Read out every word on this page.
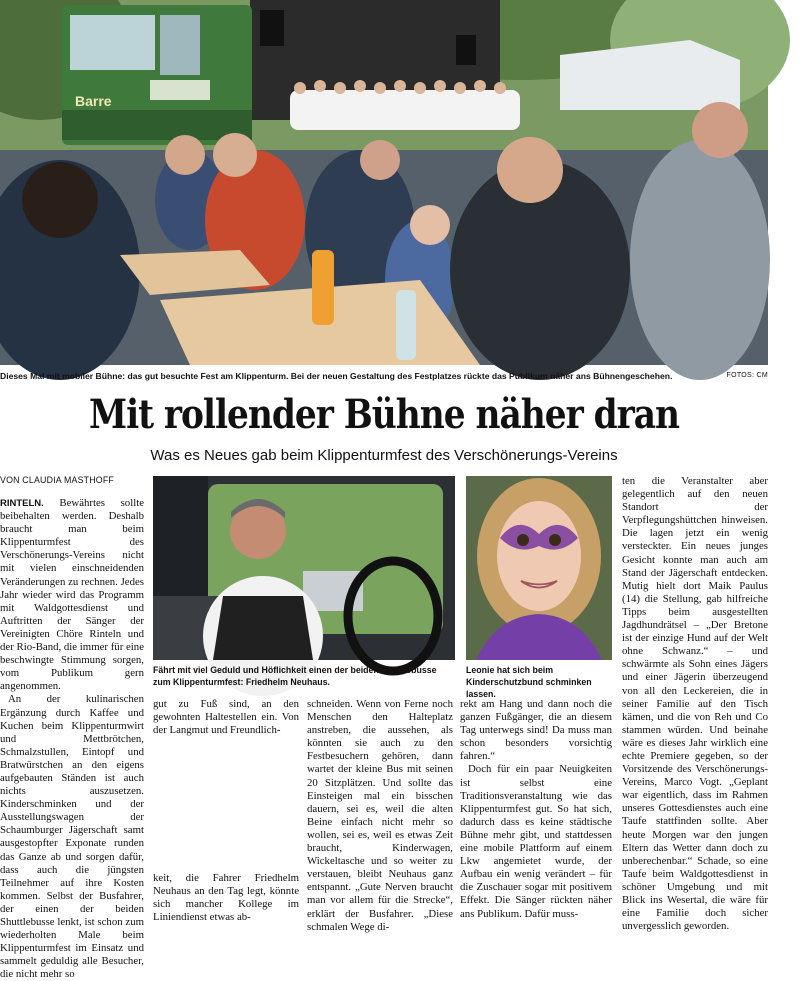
Barre
Dieses Mal mit mobiler Bühne: das gut besuchte Fest am Klippenturm. Bei der neuen Gestaltung des Festplatzes rückte das Publikum näher ans Bühnengeschehen.	FOTOS: CM
Mit rollender Bühne näher dran
Was es Neues gab beim Klippenturmfest des Verschönerungs-Vereins
VON CLAUDIA MASTHOFF

RINTELN. Bewährtes sollte beibehalten werden. Deshalb braucht man beim Klippenturmfest des Verschönerungs-Vereins nicht mit vielen einschneidenden Veränderungen zu rechnen. Jedes Jahr wieder wird das Programm mit Waldgottesdienst und Auftritten der Sänger der Vereinigten Chöre Rinteln und der Rio-Band, die immer für eine beschwingte Stimmung sorgen, vom Publikum gern angenommen.

An der kulinarischen Ergänzung durch Kaffee und Kuchen beim Klippenturmwirt und Mettbrötchen, Schmalzstullen, Eintopf und Bratwürstchen an den eigens aufgebauten Ständen ist auch nichts auszusetzen. Kinderschminken und der Ausstellungswagen der Schaumburger Jägerschaft samt ausgestopfter Exponate runden das Ganze ab und sorgen dafür, dass auch die jüngsten Teilnehmer auf ihre Kosten kommen. Selbst der Busfahrer, der einen der beiden Shuttlebusse lenkt, ist schon zum wiederholten Male beim Klippenturmfest im Einsatz und sammelt geduldig alle Besucher, die nicht mehr so

Fährt mit viel Geduld und Höflichkeit einen der beiden Shuttlebusse zum Klippenturmfest: Friedhelm Neuhaus.
Leonie hat sich beim Kinderschutzbund schminken lassen.
gut zu Fuß sind, an den gewohnten Haltestellen ein. Von der Langmut und Freundlich-
keit, die Fahrer Friedhelm Neuhaus an den Tag legt, könnte sich mancher Kollege im Liniendienst etwas ab-
schneiden. Wenn von Ferne noch Menschen den Halteplatz anstreben, die aussehen, als könnten sie auch zu den Festbesuchern gehören, dann wartet der kleine Bus mit seinen 20 Sitzplätzen. Und sollte das Einsteigen mal ein bisschen dauern, sei es, weil die alten Beine einfach nicht mehr so wollen, sei es, weil es etwas Zeit braucht, Kinderwagen, Wickeltasche und so weiter zu verstauen, bleibt Neuhaus ganz entspannt. „Gute Nerven braucht man vor allem für die Strecke“, erklärt der Busfahrer. „Diese schmalen Wege di-

rekt am Hang und dann noch die ganzen Fußgänger, die an diesem Tag unterwegs sind! Da muss man schon besonders vorsichtig fahren.“

Doch für ein paar Neuigkeiten ist selbst eine Traditionsveranstaltung wie das Klippenturmfest gut. So hat sich, dadurch dass es keine städtische Bühne mehr gibt, und stattdessen eine mobile Plattform auf einem Lkw angemietet wurde, der Aufbau ein wenig verändert – für die Zuschauer sogar mit positivem Effekt. Die Sänger rückten näher ans Publikum. Dafür muss-

ten die Veranstalter aber gelegentlich auf den neuen Standort der Verpflegungshüttchen hinweisen. Die lagen jetzt ein wenig versteckter. Ein neues junges Gesicht konnte man auch am Stand der Jägerschaft entdecken. Mutig hielt dort Maik Paulus (14) die Stellung, gab hilfreiche Tipps beim ausgestellten Jagdhundrätsel – „Der Bretone ist der einzige Hund auf der Welt ohne Schwanz.“ – und schwärmte als Sohn eines Jägers und einer Jägerin überzeugend von all den Leckereien, die in seiner Familie auf den Tisch kämen, und die von Reh und Co stammen würden. Und beinahe wäre es dieses Jahr wirklich eine echte Premiere gegeben, so der Vorsitzende des Verschönerungs-Vereins, Marco Vogt. „Geplant war eigentlich, dass im Rahmen unseres Gottesdienstes auch eine Taufe stattfinden sollte. Aber heute Morgen war den jungen Eltern das Wetter dann doch zu unberechenbar.“ Schade, so eine Taufe beim Waldgottesdienst in schöner Umgebung und mit Blick ins Wesertal, die wäre für eine Familie doch sicher unvergesslich geworden.
